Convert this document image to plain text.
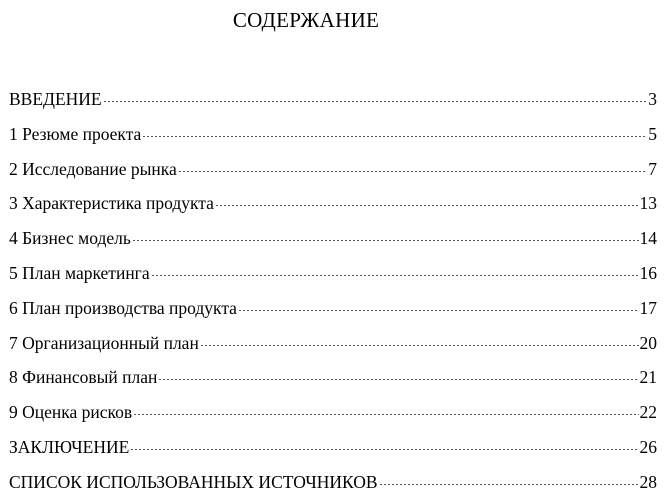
СОДЕРЖАНИЕ
ВВЕДЕНИЕ	3
1 Резюме проекта	5
2 Исследование рынка	7
3 Характеристика продукта	13
4 Бизнес модель	14
5 План маркетинга	16
6 План производства продукта	17
7 Организационный план	20
8 Финансовый план	21
9 Оценка рисков	22
ЗАКЛЮЧЕНИЕ	26
СПИСОК ИСПОЛЬЗОВАННЫХ ИСТОЧНИКОВ	28
